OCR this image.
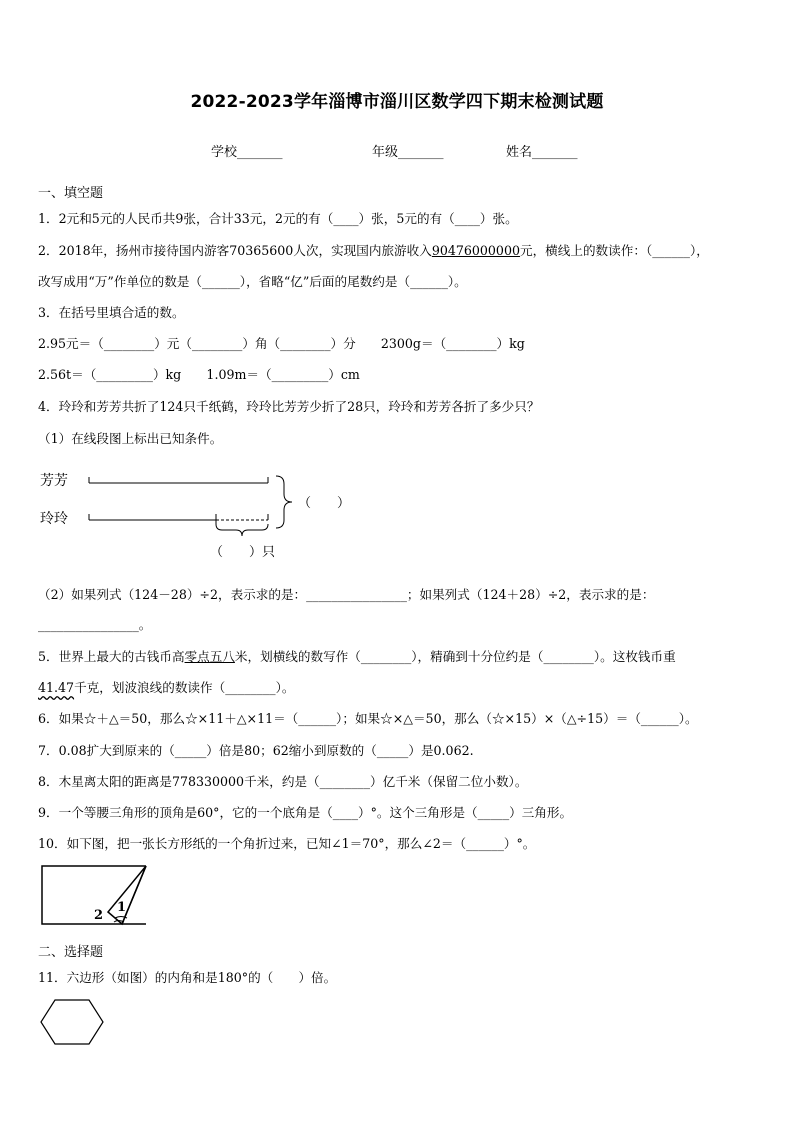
2022-2023学年淄博市淄川区数学四下期末检测试题
学校_______	年级_______	姓名_______
一、填空题
1．2元和5元的人民币共9张，合计33元，2元的有（____）张，5元的有（____）张。
2．2018年，扬州市接待国内游客70365600人次，实现国内旅游收入90476000000元，横线上的数读作：（______），
改写成用“万”作单位的数是（______），省略“亿”后面的尾数约是（______）。
3．在括号里填合适的数。
2.95元＝（________）元（________）角（________）分　　2300g＝（________）kg
2.56t＝（_________）kg　　1.09m＝（_________）cm
4．玲玲和芳芳共折了124只千纸鹤，玲玲比芳芳少折了28只，玲玲和芳芳各折了多少只？
（1）在线段图上标出已知条件。
芳芳
玲玲
（　　）
（　　）只
（2）如果列式（124－28）÷2，表示求的是：________________；如果列式（124＋28）÷2，表示求的是：
________________。
5．世界上最大的古钱币高零点五八米，划横线的数写作（________），精确到十分位约是（________）。这枚钱币重
41.47千克，划波浪线的数读作（________）。
6．如果☆＋△＝50，那么☆×11＋△×11＝（______）；如果☆×△＝50，那么（☆×15）×（△÷15）＝（______）。
7．0.08扩大到原来的（_____）倍是80；62缩小到原数的（_____）是0.062.
8．木星离太阳的距离是778330000千米，约是（________）亿千米（保留二位小数）。
9．一个等腰三角形的顶角是60°，它的一个底角是（____）°。这个三角形是（_____）三角形。
10．如下图，把一张长方形纸的一个角折过来，已知∠1＝70°，那么∠2＝（______）°。
1
2
二、选择题
11．六边形（如图）的内角和是180°的（　　）倍。
